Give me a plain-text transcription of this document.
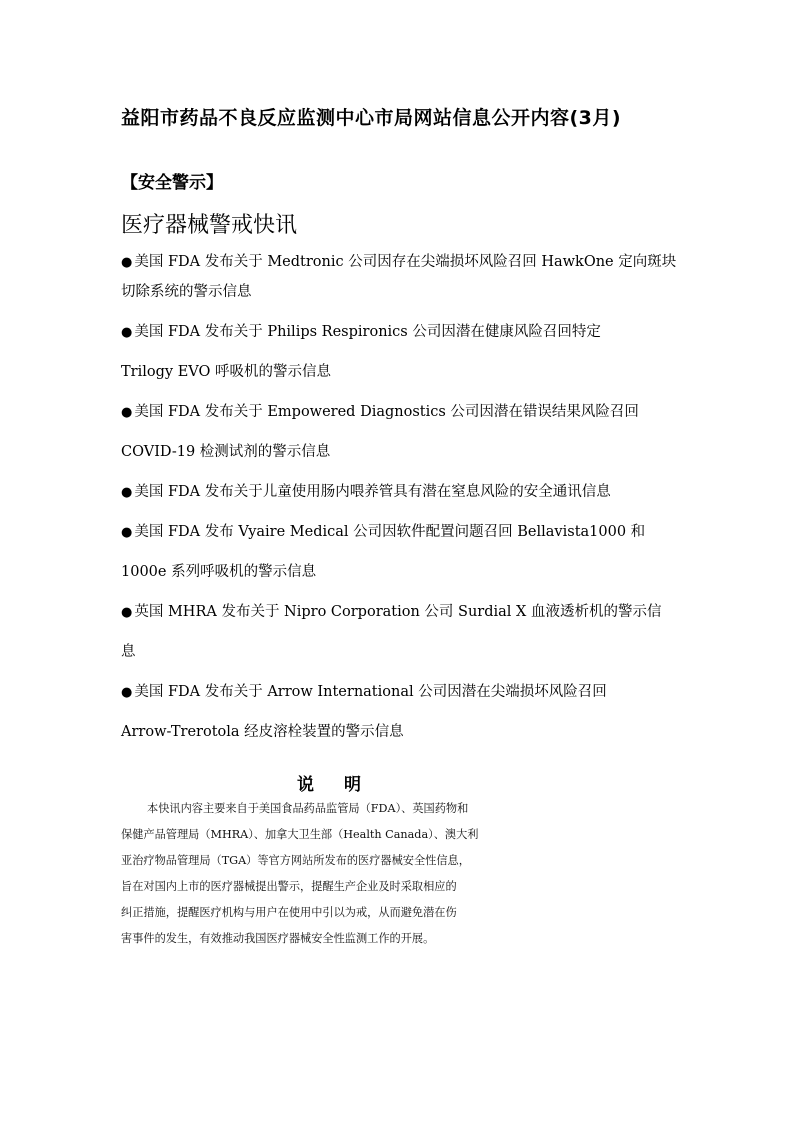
益阳市药品不良反应监测中心市局网站信息公开内容(3月)
【安全警示】
医疗器械警戒快讯
● 美国 FDA 发布关于 Medtronic 公司因存在尖端损坏风险召回 HawkOne 定向斑块
切除系统的警示信息
● 美国 FDA 发布关于 Philips Respironics 公司因潜在健康风险召回特定
Trilogy EVO 呼吸机的警示信息
● 美国 FDA 发布关于 Empowered Diagnostics 公司因潜在错误结果风险召回
COVID-19 检测试剂的警示信息
● 美国 FDA 发布关于儿童使用肠内喂养管具有潜在窒息风险的安全通讯信息
● 美国 FDA 发布 Vyaire Medical 公司因软件配置问题召回 Bellavista1000 和
1000e 系列呼吸机的警示信息
● 英国 MHRA 发布关于 Nipro Corporation 公司 Surdial X 血液透析机的警示信
息
● 美国 FDA 发布关于 Arrow International 公司因潜在尖端损坏风险召回
Arrow-Trerotola 经皮溶栓装置的警示信息
说明
本快讯内容主要来自于美国食品药品监管局（FDA）、英国药物和
保健产品管理局（MHRA）、加拿大卫生部（Health Canada）、澳大利
亚治疗物品管理局（TGA）等官方网站所发布的医疗器械安全性信息，
旨在对国内上市的医疗器械提出警示，提醒生产企业及时采取相应的
纠正措施，提醒医疗机构与用户在使用中引以为戒，从而避免潜在伤
害事件的发生，有效推动我国医疗器械安全性监测工作的开展。
